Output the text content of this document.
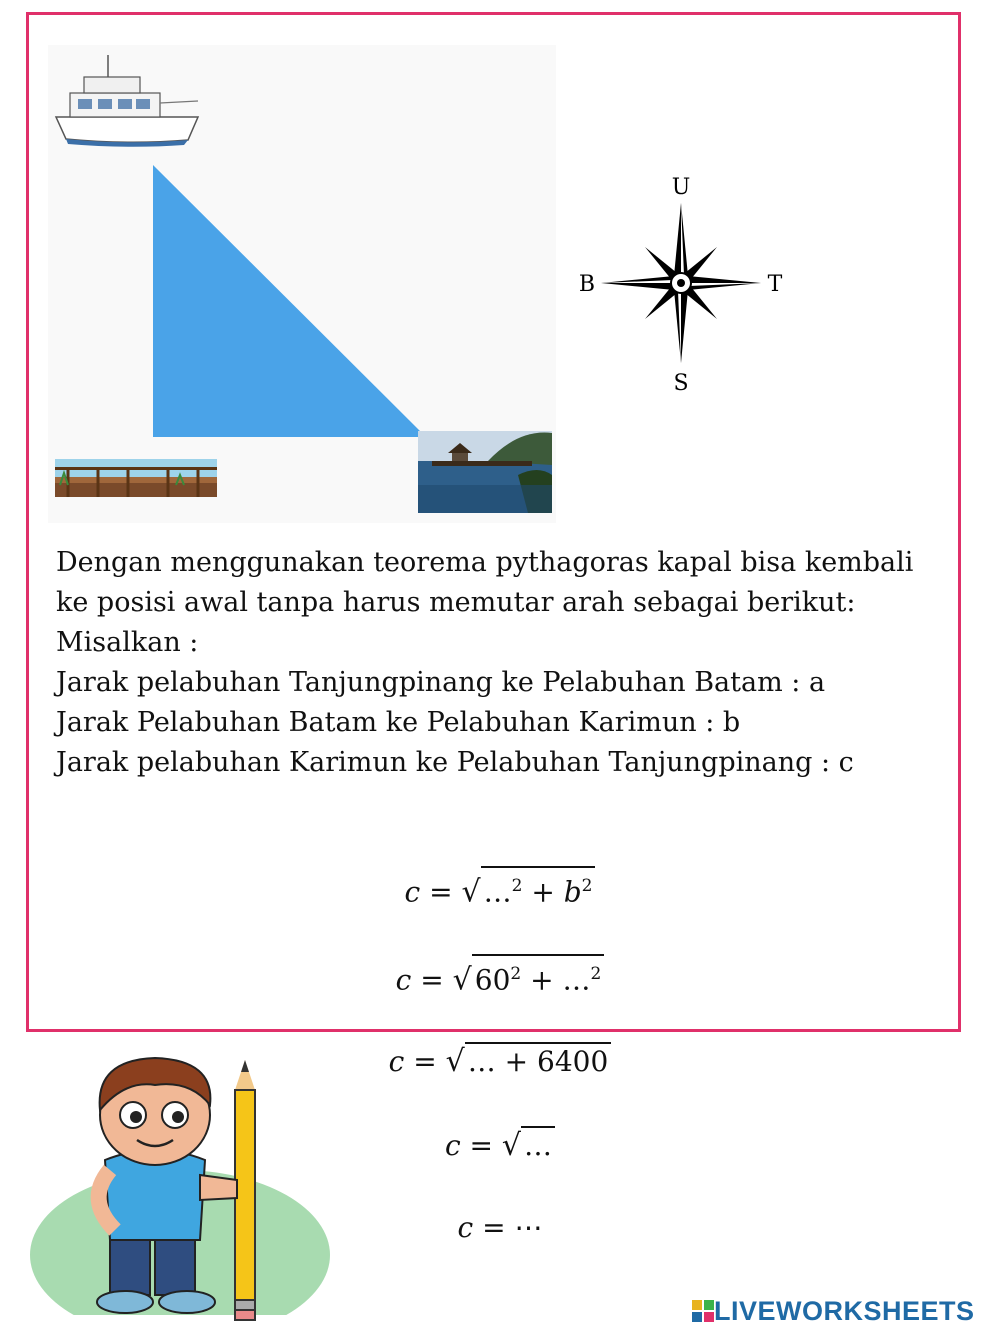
U
S
B	T
Dengan menggunakan teorema pythagoras kapal bisa kembali
ke posisi awal tanpa harus memutar arah sebagai berikut:
Misalkan :
Jarak pelabuhan Tanjungpinang ke Pelabuhan Batam : a
Jarak Pelabuhan Batam ke Pelabuhan Karimun : b
Jarak pelabuhan Karimun ke Pelabuhan Tanjungpinang : c
c = √ …$^2$ + $b^2$
c = √ $60^2$ + …$^2$
c = √ … + 6400
c = √ …
c = ⋯
LIVEWORKSHEETS
